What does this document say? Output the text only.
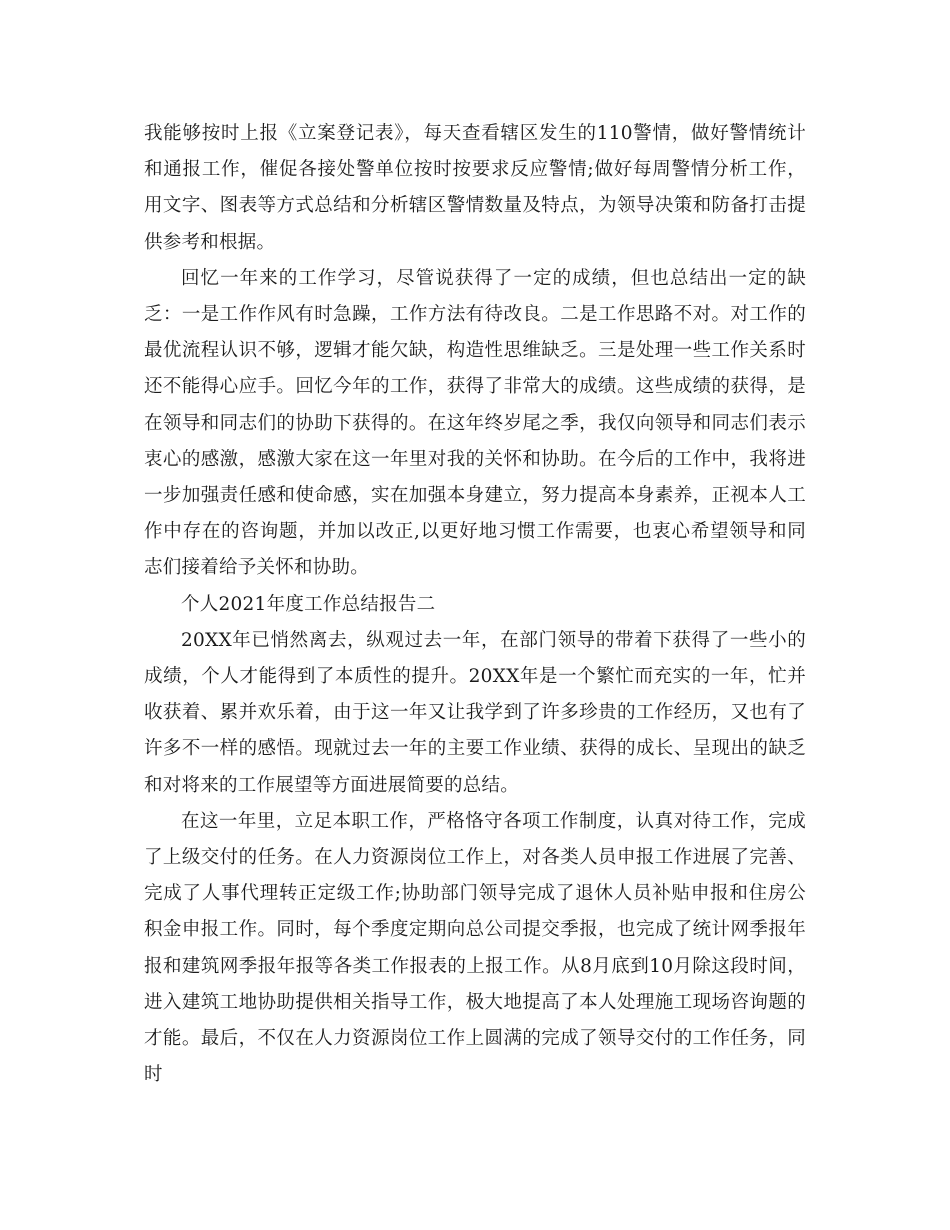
我能够按时上报《立案登记表》，每天查看辖区发生的110警情，做好警情统计和通报工作，催促各接处警单位按时按要求反应警情;做好每周警情分析工作，用文字、图表等方式总结和分析辖区警情数量及特点，为领导决策和防备打击提供参考和根据。

回忆一年来的工作学习，尽管说获得了一定的成绩，但也总结出一定的缺乏：一是工作作风有时急躁，工作方法有待改良。二是工作思路不对。对工作的最优流程认识不够，逻辑才能欠缺，构造性思维缺乏。三是处理一些工作关系时还不能得心应手。回忆今年的工作，获得了非常大的成绩。这些成绩的获得，是在领导和同志们的协助下获得的。在这年终岁尾之季，我仅向领导和同志们表示衷心的感激，感激大家在这一年里对我的关怀和协助。在今后的工作中，我将进一步加强责任感和使命感，实在加强本身建立，努力提高本身素养，正视本人工作中存在的咨询题，并加以改正,以更好地习惯工作需要，也衷心希望领导和同志们接着给予关怀和协助。

个人2021年度工作总结报告二

20XX年已悄然离去，纵观过去一年，在部门领导的带着下获得了一些小的成绩，个人才能得到了本质性的提升。20XX年是一个繁忙而充实的一年，忙并收获着、累并欢乐着，由于这一年又让我学到了许多珍贵的工作经历，又也有了许多不一样的感悟。现就过去一年的主要工作业绩、获得的成长、呈现出的缺乏和对将来的工作展望等方面进展简要的总结。

在这一年里，立足本职工作，严格恪守各项工作制度，认真对待工作，完成了上级交付的任务。在人力资源岗位工作上，对各类人员申报工作进展了完善、完成了人事代理转正定级工作;协助部门领导完成了退休人员补贴申报和住房公积金申报工作。同时，每个季度定期向总公司提交季报，也完成了统计网季报年报和建筑网季报年报等各类工作报表的上报工作。从8月底到10月除这段时间，进入建筑工地协助提供相关指导工作，极大地提高了本人处理施工现场咨询题的才能。最后，不仅在人力资源岗位工作上圆满的完成了领导交付的工作任务，同时
